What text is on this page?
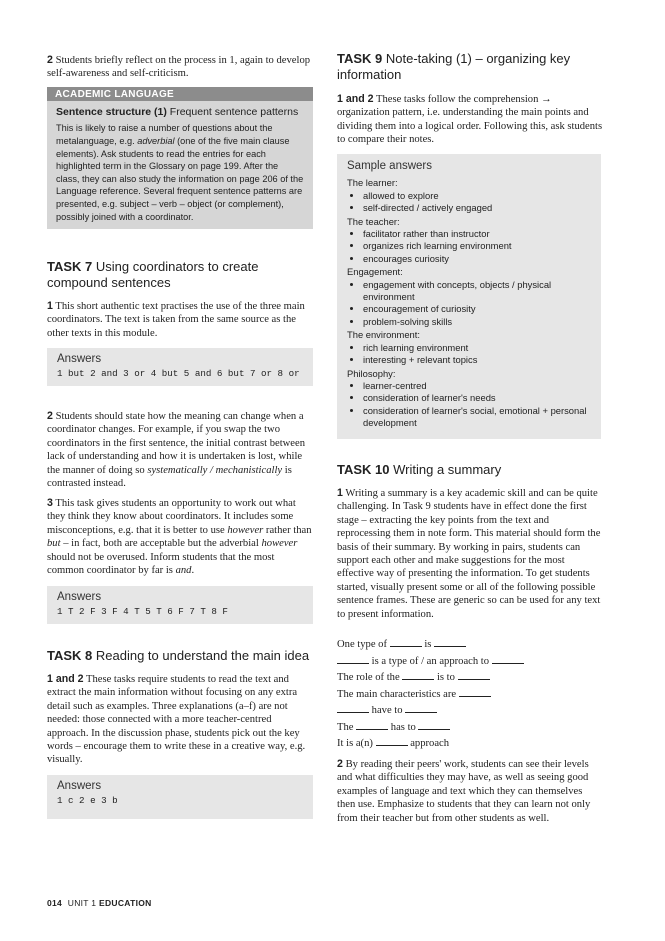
2 Students briefly reflect on the process in 1, again to develop self-awareness and self-criticism.

ACADEMIC LANGUAGE

Sentence structure (1) Frequent sentence patterns

This is likely to raise a number of questions about the metalanguage, e.g. adverbial (one of the five main clause elements). Ask students to read the entries for each highlighted term in the Glossary on page 199. After the class, they can also study the information on page 206 of the Language reference. Several frequent sentence patterns are presented, e.g. subject – verb – object (or complement), possibly joined with a coordinator.

TASK 7 Using coordinators to create compound sentences

1 This short authentic text practises the use of the three main coordinators. The text is taken from the same source as the other texts in this module.

Answers

1 but 2 and 3 or 4 but 5 and 6 but 7 or 8 or

2 Students should state how the meaning can change when a coordinator changes. For example, if you swap the two coordinators in the first sentence, the initial contrast between lack of understanding and how it is undertaken is lost, while the manner of doing so systematically / mechanistically is contrasted instead.

3 This task gives students an opportunity to work out what they think they know about coordinators. It includes some misconceptions, e.g. that it is better to use however rather than but – in fact, both are acceptable but the adverbial however should not be overused. Inform students that the most common coordinator by far is and.

Answers

1 T 2 F 3 F 4 T 5 T 6 F 7 T 8 F

TASK 8 Reading to understand the main idea

1 and 2 These tasks require students to read the text and extract the main information without focusing on any extra detail such as examples. Three explanations (a–f) are not needed: those connected with a more teacher-centred approach. In the discussion phase, students pick out the key words – encourage them to write these in a creative way, e.g. visually.

Answers

1 c 2 e 3 b

014 UNIT 1 EDUCATION
TASK 9 Note-taking (1) – organizing key information

1 and 2 These tasks follow the comprehension → organization pattern, i.e. understanding the main points and dividing them into a logical order. Following this, ask students to compare their notes.

Sample answers

The learner:

• allowed to explore
• self-directed / actively engaged

The teacher:

• facilitator rather than instructor
• organizes rich learning environment
• encourages curiosity

Engagement:

• engagement with concepts, objects / physical environment
• encouragement of curiosity
• problem-solving skills

The environment:

• rich learning environment
• interesting + relevant topics

Philosophy:

• learner-centred
• consideration of learner's needs
• consideration of learner's social, emotional + personal development
TASK 10 Writing a summary

1 Writing a summary is a key academic skill and can be quite challenging. In Task 9 students have in effect done the first stage – extracting the key points from the text and reprocessing them in note form. This material should form the basis of their summary. By working in pairs, students can support each other and make suggestions for the most effective way of presenting the information. To get students started, visually present some or all of the following possible sentence frames. These are generic so can be used for any text to present information.

One type of	is

is a type of / an approach to

The role of the	is to

The main characteristics are

have to

The	has to

It is a(n)	approach

2 By reading their peers' work, students can see their levels and what difficulties they may have, as well as seeing good examples of language and text which they can themselves then use. Emphasize to students that they can learn not only from their teacher but from other students as well.
